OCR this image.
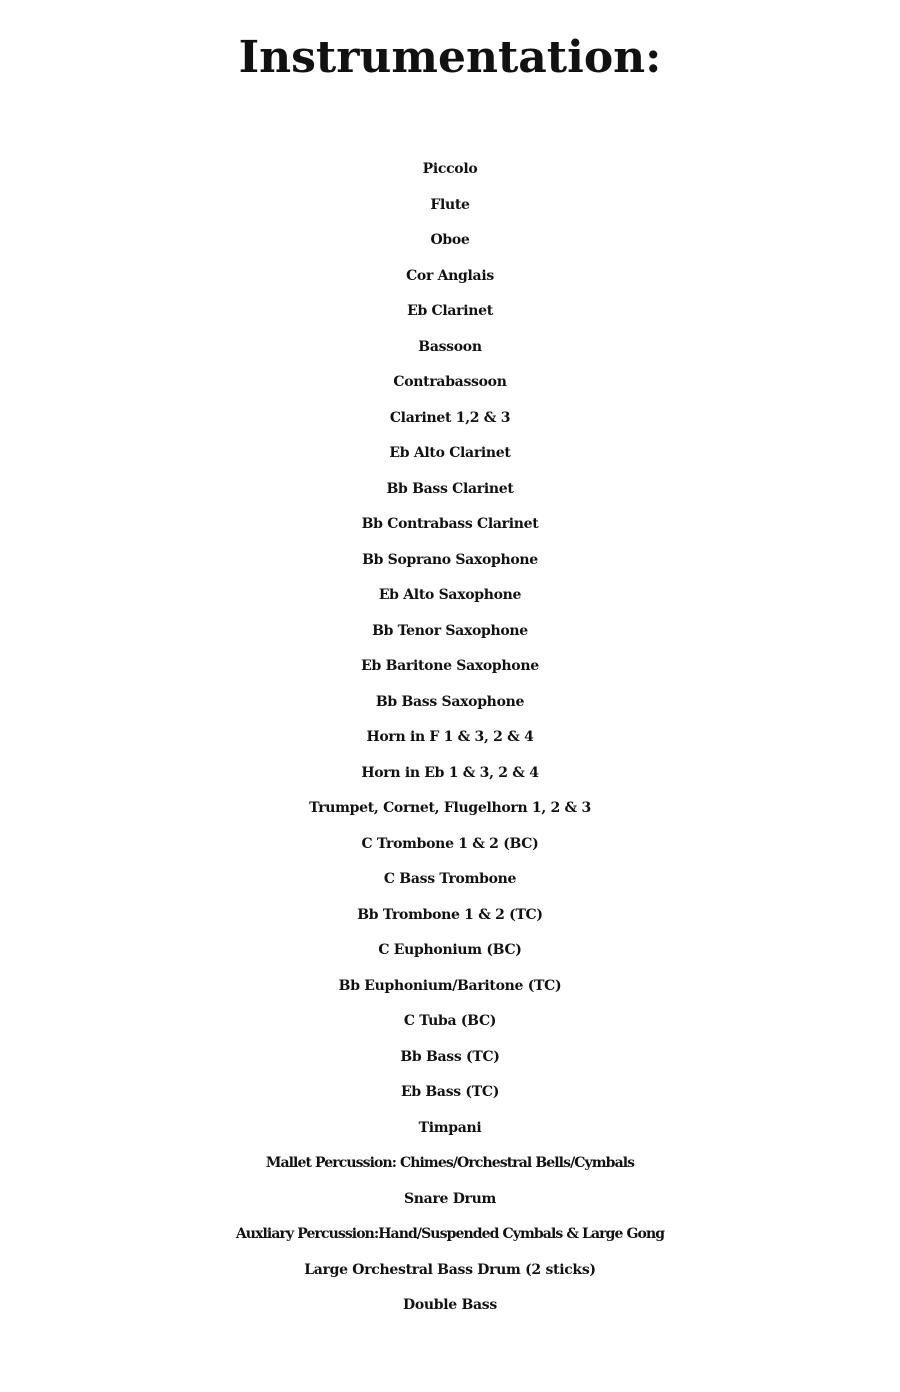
Instrumentation:
Piccolo
Flute
Oboe
Cor Anglais
Eb Clarinet
Bassoon
Contrabassoon
Clarinet 1,2 & 3
Eb Alto Clarinet
Bb Bass Clarinet
Bb Contrabass Clarinet
Bb Soprano Saxophone
Eb Alto Saxophone
Bb Tenor Saxophone
Eb Baritone Saxophone
Bb Bass Saxophone
Horn in F 1 & 3, 2 & 4
Horn in Eb 1 & 3, 2 & 4
Trumpet, Cornet, Flugelhorn 1, 2 & 3
C Trombone 1 & 2 (BC)
C Bass Trombone
Bb Trombone 1 & 2 (TC)
C Euphonium (BC)
Bb Euphonium/Baritone (TC)
C Tuba (BC)
Bb Bass (TC)
Eb Bass (TC)
Timpani
Mallet Percussion: Chimes/Orchestral Bells/Cymbals
Snare Drum
Auxliary Percussion:Hand/Suspended Cymbals & Large Gong
Large Orchestral Bass Drum (2 sticks)
Double Bass
